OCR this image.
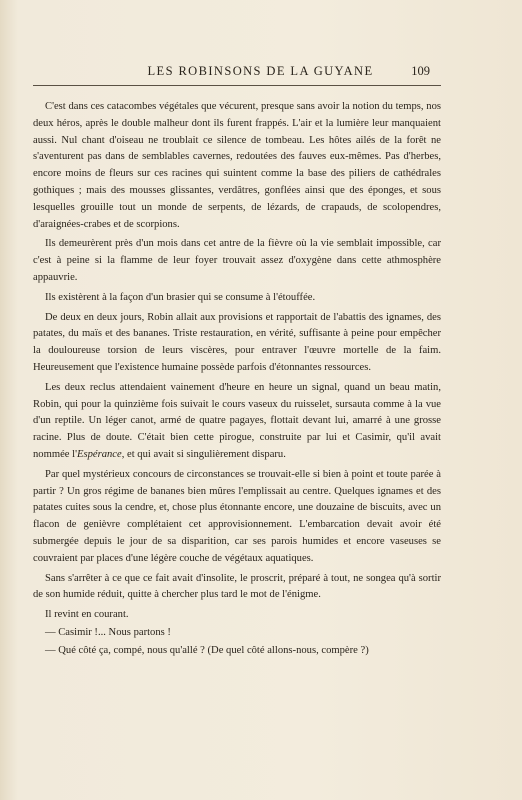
LES ROBINSONS DE LA GUYANE	109

C'est dans ces catacombes végétales que vécurent, presque sans avoir la notion du temps, nos deux héros, après le double malheur dont ils furent frappés. L'air et la lumière leur manquaient aussi. Nul chant d'oiseau ne troublait ce silence de tombeau. Les hôtes ailés de la forêt ne s'aventurent pas dans de semblables cavernes, redoutées des fauves eux-mêmes. Pas d'herbes, encore moins de fleurs sur ces racines qui suintent comme la base des piliers de cathédrales gothiques ; mais des mousses glissantes, verdâtres, gonflées ainsi que des éponges, et sous lesquelles grouille tout un monde de serpents, de lézards, de crapauds, de scolopendres, d'araignées-crabes et de scorpions.

Ils demeurèrent près d'un mois dans cet antre de la fièvre où la vie semblait impossible, car c'est à peine si la flamme de leur foyer trouvait assez d'oxygène dans cette athmosphère appauvrie.

Ils existèrent à la façon d'un brasier qui se consume à l'étouffée.

De deux en deux jours, Robin allait aux provisions et rapportait de l'abattis des ignames, des patates, du maïs et des bananes. Triste restauration, en vérité, suffisante à peine pour empêcher la douloureuse torsion de leurs viscères, pour entraver l'œuvre mortelle de la faim. Heureusement que l'existence humaine possède parfois d'étonnantes ressources.

Les deux reclus attendaient vainement d'heure en heure un signal, quand un beau matin, Robin, qui pour la quinzième fois suivait le cours vaseux du ruisselet, sursauta comme à la vue d'un reptile. Un léger canot, armé de quatre pagayes, flottait devant lui, amarré à une grosse racine. Plus de doute. C'était bien cette pirogue, construite par lui et Casimir, qu'il avait nommée l'Espérance, et qui avait si singulièrement disparu.

Par quel mystérieux concours de circonstances se trouvait-elle si bien à point et toute parée à partir ? Un gros régime de bananes bien mûres l'emplissait au centre. Quelques ignames et des patates cuites sous la cendre, et, chose plus étonnante encore, une douzaine de biscuits, avec un flacon de genièvre complétaient cet approvisionnement. L'embarcation devait avoir été submergée depuis le jour de sa disparition, car ses parois humides et encore vaseuses se couvraient par places d'une légère couche de végétaux aquatiques.

Sans s'arrêter à ce que ce fait avait d'insolite, le proscrit, préparé à tout, ne songea qu'à sortir de son humide réduit, quitte à chercher plus tard le mot de l'énigme.

Il revint en courant.

— Casimir !... Nous partons !

— Qué côté ça, compé, nous qu'allé ? (De quel côté allons-nous, compère ?)
